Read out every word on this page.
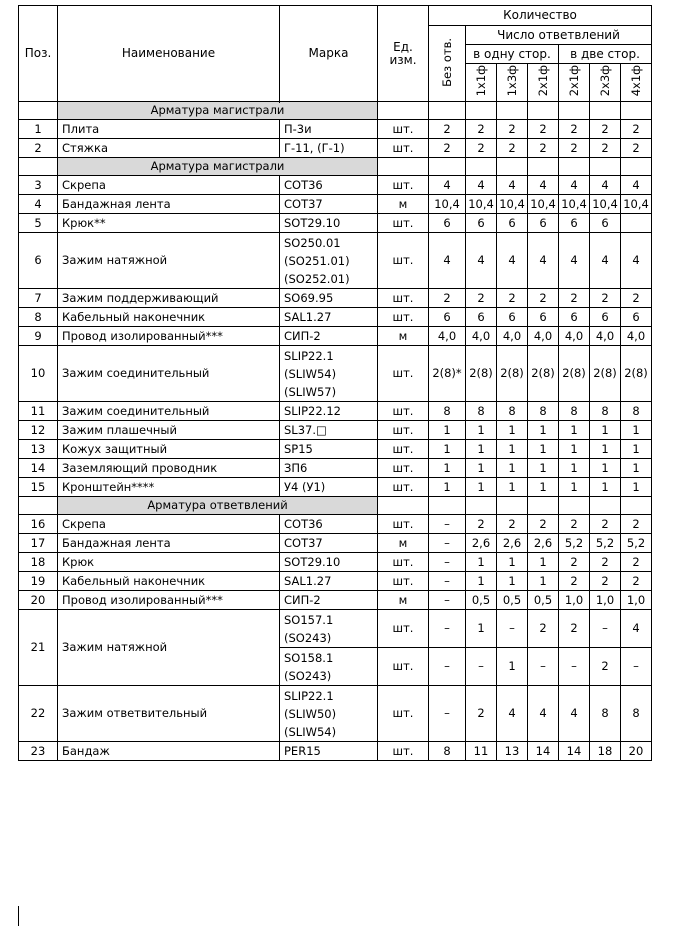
Поз.	Наименование	Марка	Ед.
изм.	Количество						
				Без отв.	Число ответвлений					
					в одну стор.			в две стор.		
					1x1ф	1x3ф	2x1ф	2x1ф	2x3ф	4x1ф

	Арматура магистрали									
1	Плита	П-3и	шт.	2	2	2	2	2	2	2
2	Стяжка	Г-11, (Г-1)	шт.	2	2	2	2	2	2	2
	Арматура магистрали									
3	Скрепа	COT36	шт.	4	4	4	4	4	4	4
4	Бандажная лента	COT37	м	10,4	10,4	10,4	10,4	10,4	10,4	10,4
5	Крюк**	SOT29.10	шт.	6	6	6	6	6	6	
6	Зажим натяжной	SO250.01
(SO251.01)
(SO252.01)	шт.	4	4	4	4	4	4	4
7	Зажим поддерживающий	SO69.95	шт.	2	2	2	2	2	2	2
8	Кабельный наконечник	SAL1.27	шт.	6	6	6	6	6	6	6
9	Провод изолированный***	СИП-2	м	4,0	4,0	4,0	4,0	4,0	4,0	4,0
10	Зажим соединительный	SLIP22.1
(SLIW54)
(SLIW57)	шт.	2(8)*	2(8)	2(8)	2(8)	2(8)	2(8)	2(8)
11	Зажим соединительный	SLIP22.12	шт.	8	8	8	8	8	8	8
12	Зажим плашечный	SL37.□	шт.	1	1	1	1	1	1	1
13	Кожух защитный	SP15	шт.	1	1	1	1	1	1	1
14	Заземляющий проводник	ЗП6	шт.	1	1	1	1	1	1	1
15	Кронштейн****	У4 (У1)	шт.	1	1	1	1	1	1	1
	Арматура ответвлений									
16	Скрепа	COT36	шт.	–	2	2	2	2	2	2
17	Бандажная лента	COT37	м	–	2,6	2,6	2,6	5,2	5,2	5,2
18	Крюк	SOT29.10	шт.	–	1	1	1	2	2	2
19	Кабельный наконечник	SAL1.27	шт.	–	1	1	1	2	2	2
20	Провод изолированный***	СИП-2	м	–	0,5	0,5	0,5	1,0	1,0	1,0
21	Зажим натяжной	SO157.1
(SO243)	шт.	–	1	–	2	2	–	4

		SO158.1
(SO243)	шт.	–	–	1	–	–	2	–
22	Зажим ответвительный	SLIP22.1
(SLIW50)
(SLIW54)	шт.	–	2	4	4	4	8	8
23	Бандаж	PER15	шт.	8	11	13	14	14	18	20
